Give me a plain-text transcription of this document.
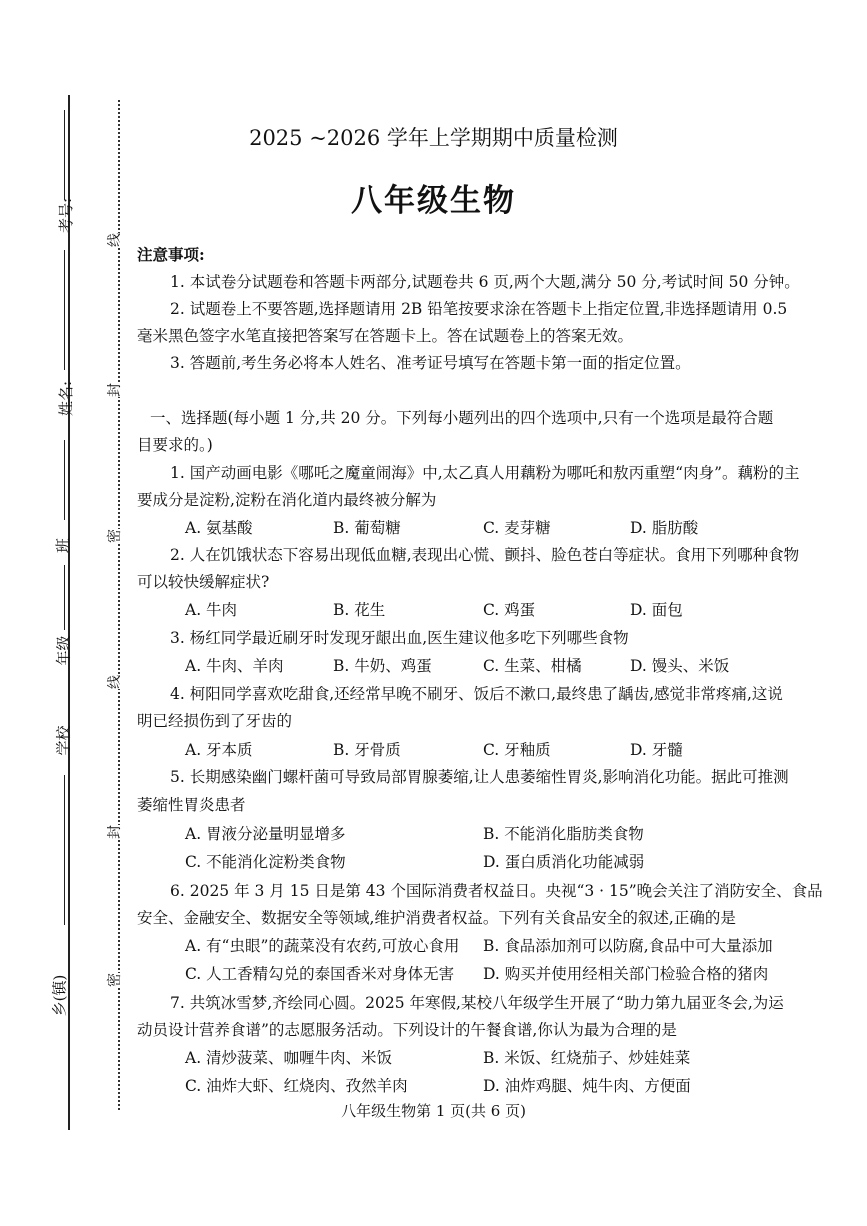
考号:
姓名:
班
年级
学校
乡(镇)
线
封
密
线
封
密
2025 ~2026 学年上学期期中质量检测
八年级生物
注意事项:
1. 本试卷分试题卷和答题卡两部分,试题卷共 6 页,两个大题,满分 50 分,考试时间 50 分钟。
2. 试题卷上不要答题,选择题请用 2B 铅笔按要求涂在答题卡上指定位置,非选择题请用 0.5
毫米黑色签字水笔直接把答案写在答题卡上。答在试题卷上的答案无效。
3. 答题前,考生务必将本人姓名、准考证号填写在答题卡第一面的指定位置。
一、选择题(每小题 1 分,共 20 分。下列每小题列出的四个选项中,只有一个选项是最符合题
目要求的。)
1. 国产动画电影《哪吒之魔童闹海》中,太乙真人用藕粉为哪吒和敖丙重塑“肉身”。藕粉的主
要成分是淀粉,淀粉在消化道内最终被分解为
A. 氨基酸	B. 葡萄糖	C. 麦芽糖	D. 脂肪酸
2. 人在饥饿状态下容易出现低血糖,表现出心慌、颤抖、脸色苍白等症状。食用下列哪种食物
可以较快缓解症状?
A. 牛肉	B. 花生	C. 鸡蛋	D. 面包
3. 杨红同学最近刷牙时发现牙龈出血,医生建议他多吃下列哪些食物
A. 牛肉、羊肉	B. 牛奶、鸡蛋	C. 生菜、柑橘	D. 馒头、米饭
4. 柯阳同学喜欢吃甜食,还经常早晚不刷牙、饭后不漱口,最终患了龋齿,感觉非常疼痛,这说
明已经损伤到了牙齿的
A. 牙本质	B. 牙骨质	C. 牙釉质	D. 牙髓
5. 长期感染幽门螺杆菌可导致局部胃腺萎缩,让人患萎缩性胃炎,影响消化功能。据此可推测
萎缩性胃炎患者
A. 胃液分泌量明显增多	B. 不能消化脂肪类食物
C. 不能消化淀粉类食物	D. 蛋白质消化功能减弱
6. 2025 年 3 月 15 日是第 43 个国际消费者权益日。央视“3 · 15”晚会关注了消防安全、食品
安全、金融安全、数据安全等领域,维护消费者权益。下列有关食品安全的叙述,正确的是
A. 有“虫眼”的蔬菜没有农药,可放心食用 B. 食品添加剂可以防腐,食品中可大量添加
C. 人工香精勾兑的泰国香米对身体无害 D. 购买并使用经相关部门检验合格的猪肉
7. 共筑冰雪梦,齐绘同心圆。2025 年寒假,某校八年级学生开展了“助力第九届亚冬会,为运
动员设计营养食谱”的志愿服务活动。下列设计的午餐食谱,你认为最为合理的是
A. 清炒菠菜、咖喱牛肉、米饭	B. 米饭、红烧茄子、炒娃娃菜
C. 油炸大虾、红烧肉、孜然羊肉	D. 油炸鸡腿、炖牛肉、方便面
八年级生物第 1 页(共 6 页)
